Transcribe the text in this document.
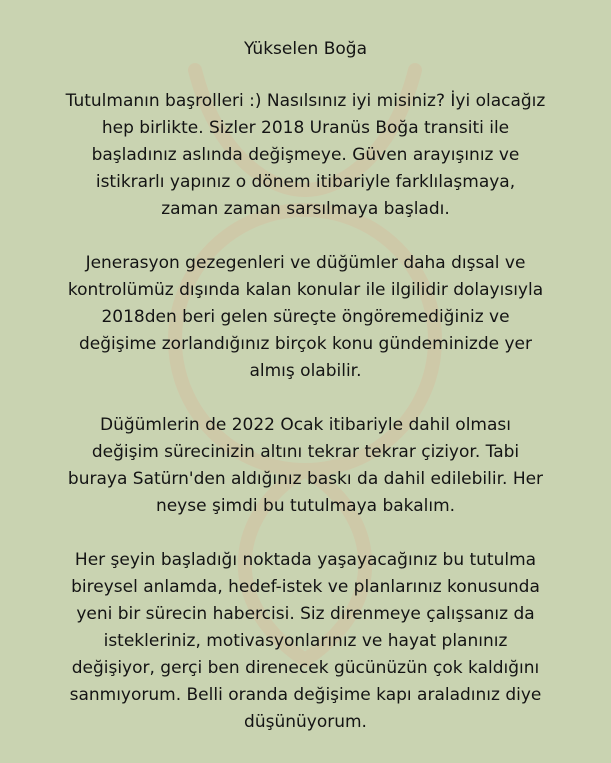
Yükselen Boğa
Tutulmanın başrolleri :) Nasılsınız iyi misiniz? İyi olacağız
hep birlikte. Sizler 2018 Uranüs Boğa transiti ile
başladınız aslında değişmeye. Güven arayışınız ve
istikrarlı yapınız o dönem itibariyle farklılaşmaya,
zaman zaman sarsılmaya başladı.
Jenerasyon gezegenleri ve düğümler daha dışsal ve
kontrolümüz dışında kalan konular ile ilgilidir dolayısıyla
2018den beri gelen süreçte öngöremediğiniz ve
değişime zorlandığınız birçok konu gündeminizde yer
almış olabilir.
Düğümlerin de 2022 Ocak itibariyle dahil olması
değişim sürecinizin altını tekrar tekrar çiziyor. Tabi
buraya Satürn'den aldığınız baskı da dahil edilebilir. Her
neyse şimdi bu tutulmaya bakalım.
Her şeyin başladığı noktada yaşayacağınız bu tutulma
bireysel anlamda, hedef-istek ve planlarınız konusunda
yeni bir sürecin habercisi. Siz direnmeye çalışsanız da
istekleriniz, motivasyonlarınız ve hayat planınız
değişiyor, gerçi ben direnecek gücünüzün çok kaldığını
sanmıyorum. Belli oranda değişime kapı araladınız diye
düşünüyorum.
